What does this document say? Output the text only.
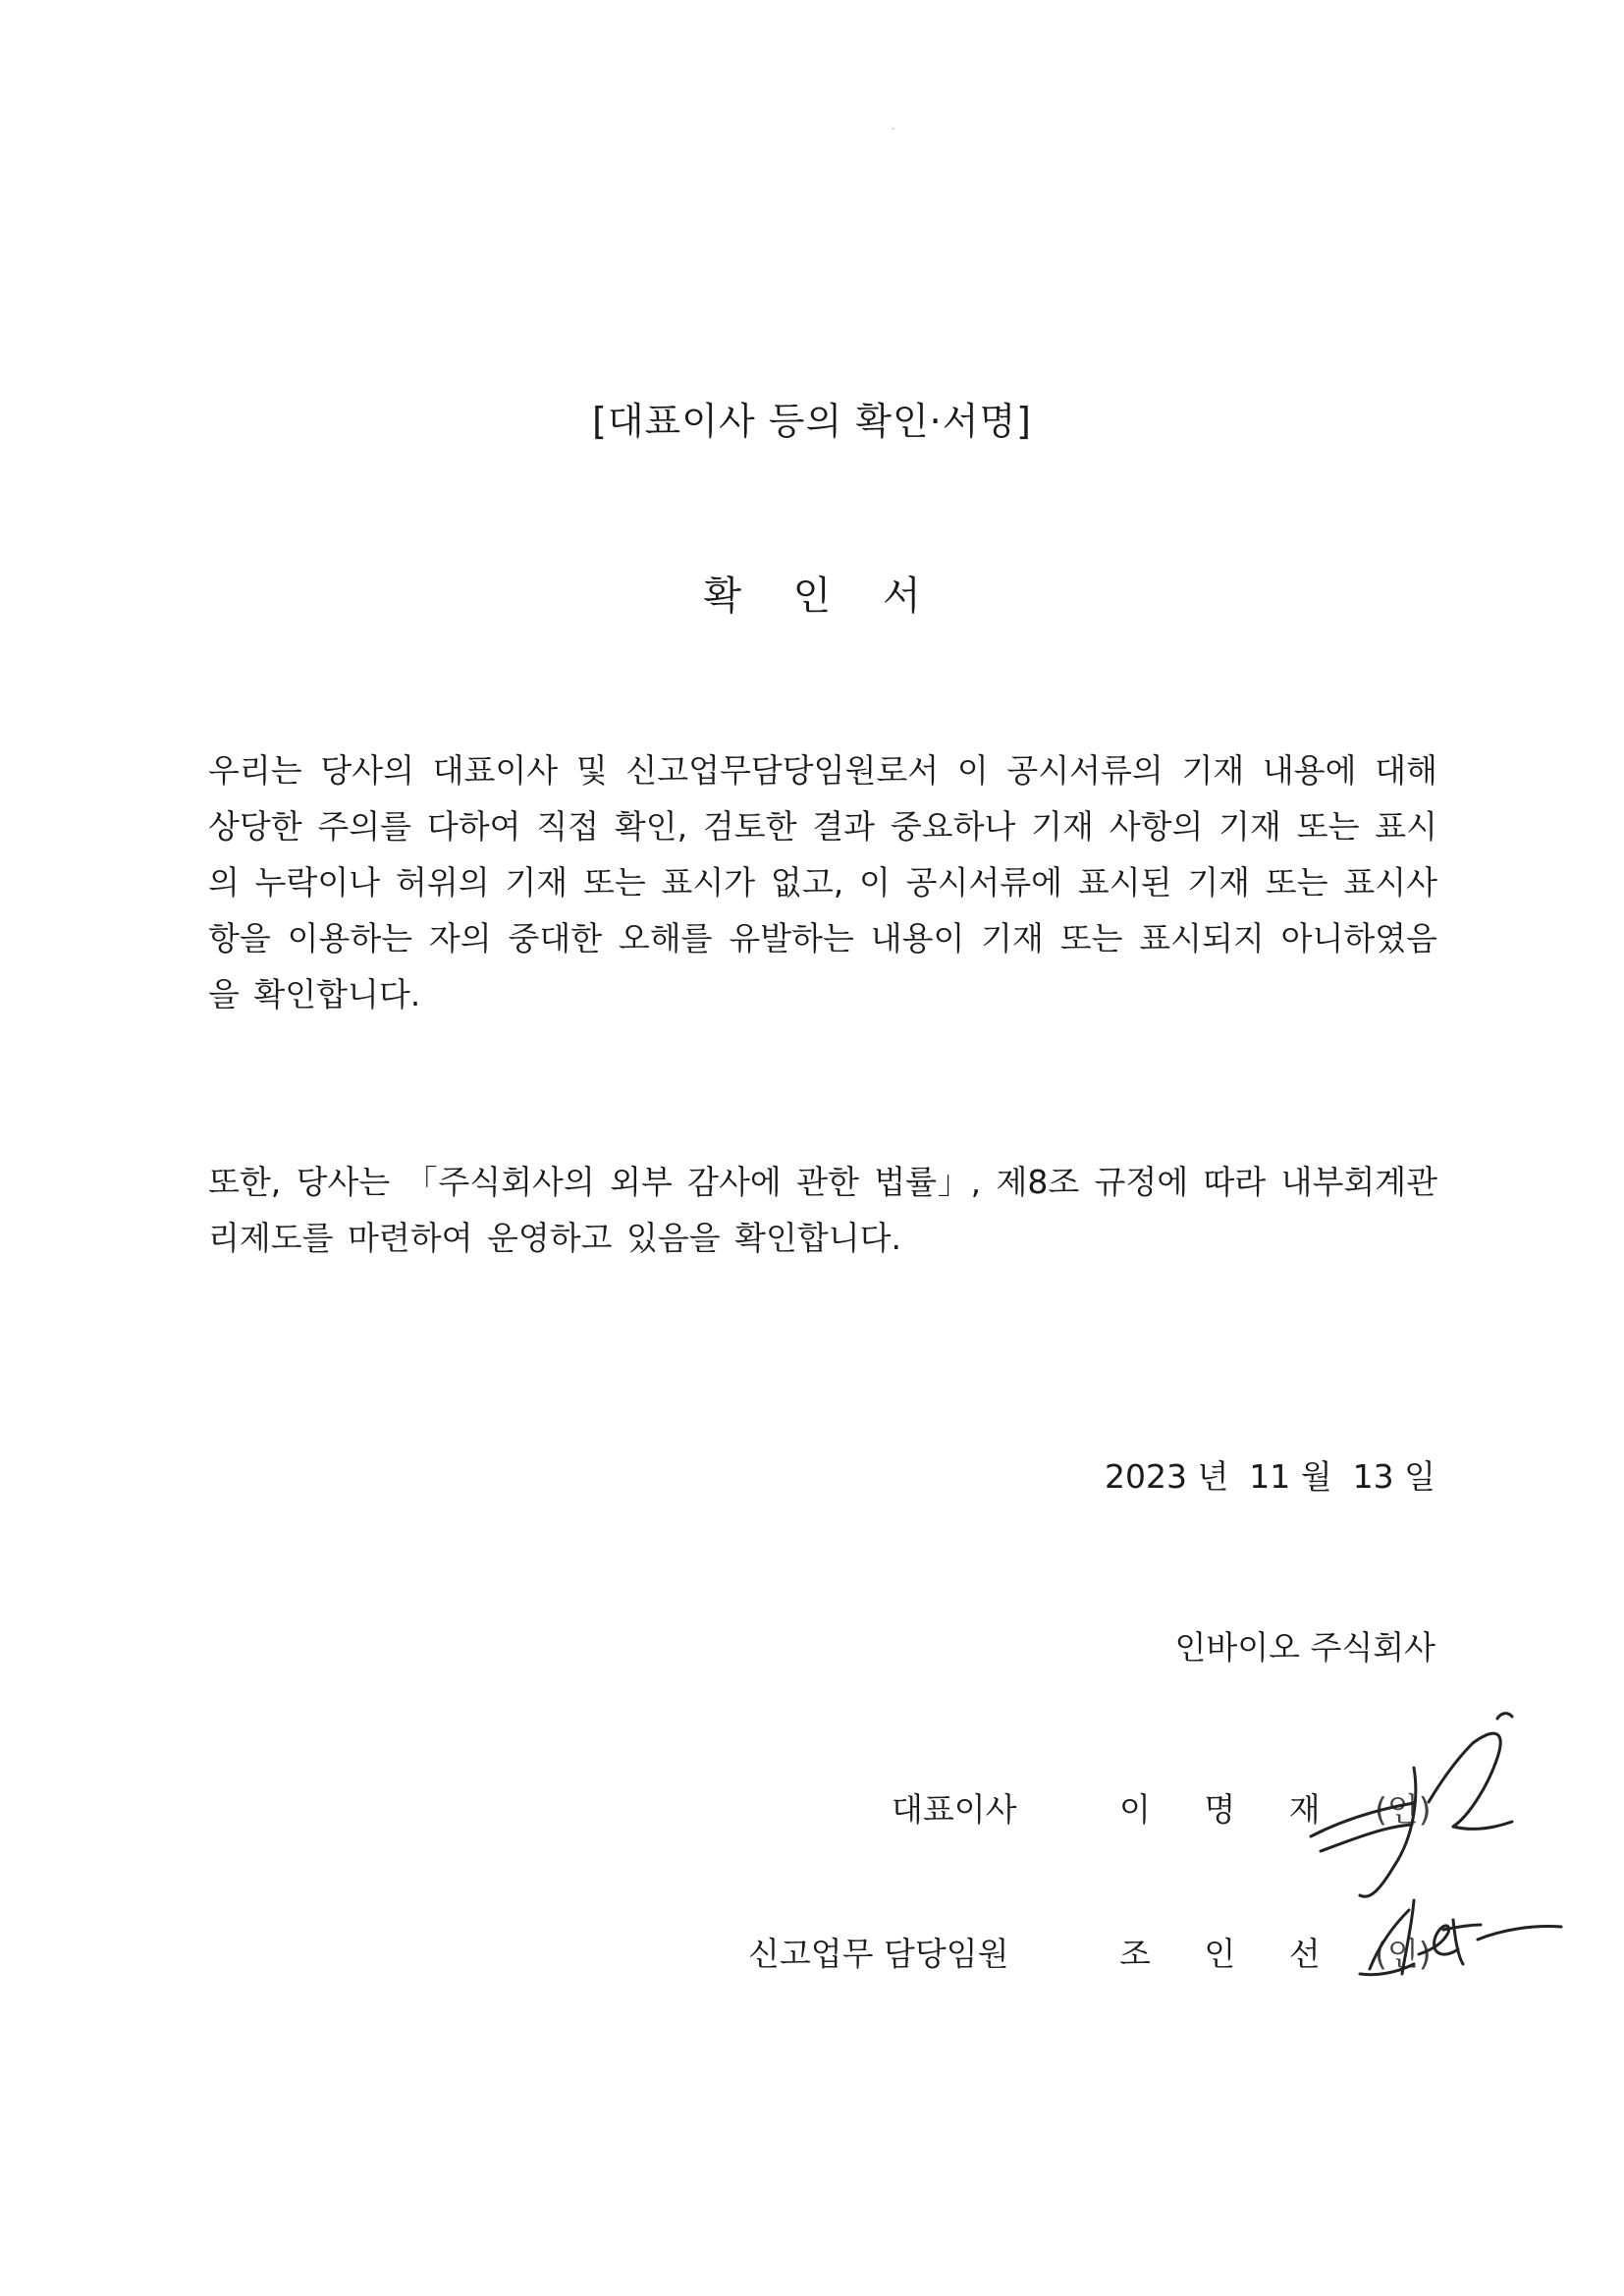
[대표이사 등의 확인·서명]
확 인 서
우리는 당사의 대표이사 및 신고업무담당임원로서 이 공시서류의 기재 내용에 대해 상당한 주의를 다하여 직접 확인, 검토한 결과 중요하나 기재 사항의 기재 또는 표시의 누락이나 허위의 기재 또는 표시가 없고, 이 공시서류에 표시된 기재 또는 표시사항을 이용하는 자의 중대한 오해를 유발하는 내용이 기재 또는 표시되지 아니하였음을 확인합니다.
또한, 당사는 「주식회사의 외부 감사에 관한 법률」, 제8조 규정에 따라 내부회계관리제도를 마련하여 운영하고 있음을 확인합니다.
2023 년  11 월  13 일
인바이오 주식회사
대표이사	이 명 재 (인)
신고업무 담당임원	조 인 선 (인)
